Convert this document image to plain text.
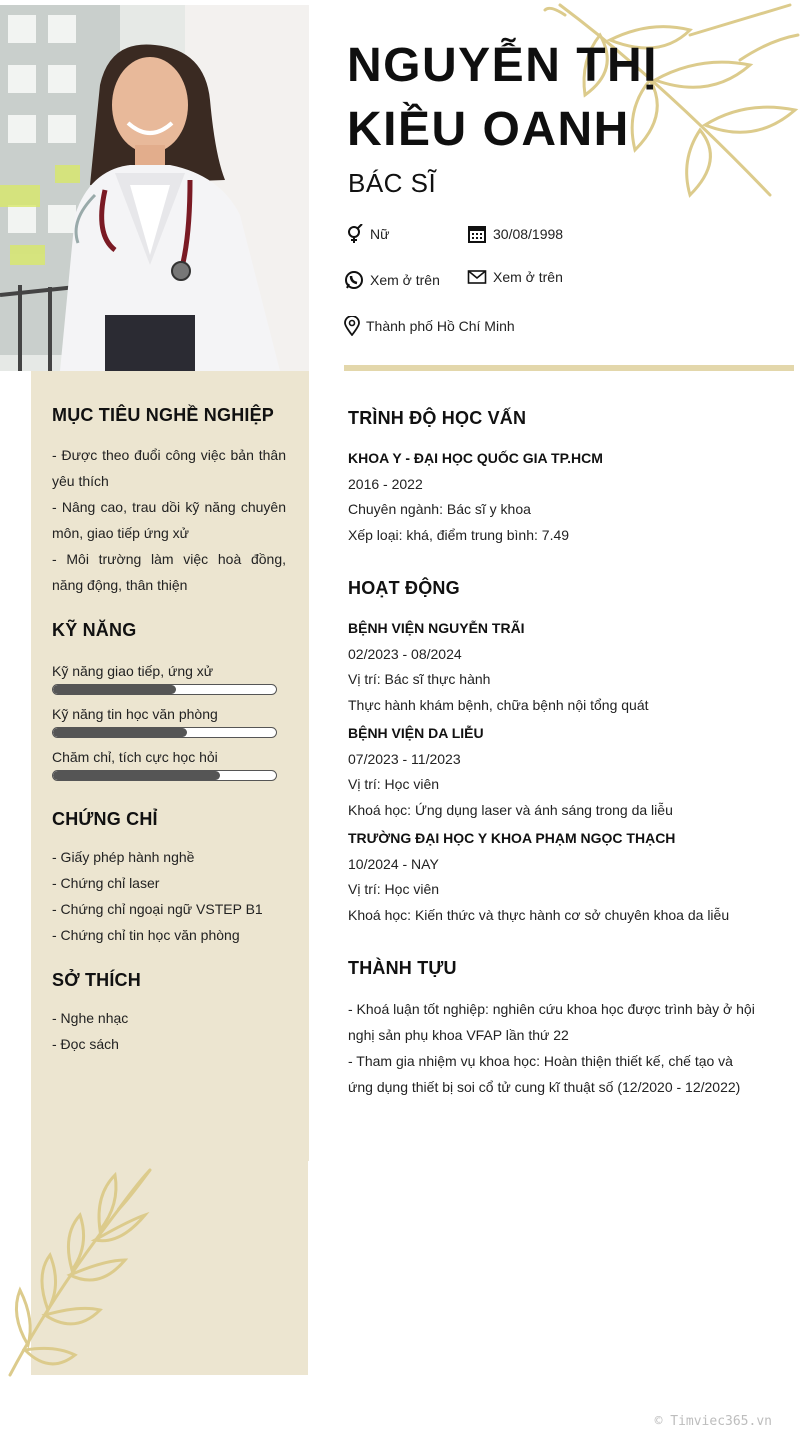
MỤC TIÊU NGHỀ NGHIỆP
- Được theo đuổi công việc bản thân yêu thích
- Nâng cao, trau dồi kỹ năng chuyên môn, giao tiếp ứng xử
- Môi trường làm việc hoà đồng, năng động, thân thiện
KỸ NĂNG
Kỹ năng giao tiếp, ứng xử
Kỹ năng tin học văn phòng
Chăm chỉ, tích cực học hỏi
CHỨNG CHỈ
- Giấy phép hành nghề
- Chứng chỉ laser
- Chứng chỉ ngoại ngữ VSTEP B1
- Chứng chỉ tin học văn phòng
SỞ THÍCH
- Nghe nhạc
- Đọc sách
NGUYỄN THỊ
KIỀU OANH
BÁC SĨ
Nữ	30/08/1998
Xem ở trên	Xem ở trên
Thành phố Hồ Chí Minh
TRÌNH ĐỘ HỌC VẤN
KHOA Y - ĐẠI HỌC QUỐC GIA TP.HCM
2016 - 2022
Chuyên ngành: Bác sĩ y khoa
Xếp loại: khá, điểm trung bình: 7.49
HOẠT ĐỘNG
BỆNH VIỆN NGUYỄN TRÃI
02/2023 - 08/2024
Vị trí: Bác sĩ thực hành
Thực hành khám bệnh, chữa bệnh nội tổng quát
BỆNH VIỆN DA LIỄU
07/2023 - 11/2023
Vị trí: Học viên
Khoá học: Ứng dụng laser và ánh sáng trong da liễu
TRƯỜNG ĐẠI HỌC Y KHOA PHẠM NGỌC THẠCH
10/2024 - NAY
Vị trí: Học viên
Khoá học: Kiến thức và thực hành cơ sở chuyên khoa da liễu
THÀNH TỰU
- Khoá luận tốt nghiệp: nghiên cứu khoa học được trình bày ở hội nghị sản phụ khoa VFAP lần thứ 22
- Tham gia nhiệm vụ khoa học: Hoàn thiện thiết kế, chế tạo và ứng dụng thiết bị soi cổ tử cung kĩ thuật số (12/2020 - 12/2022)
© Timviec365.vn
